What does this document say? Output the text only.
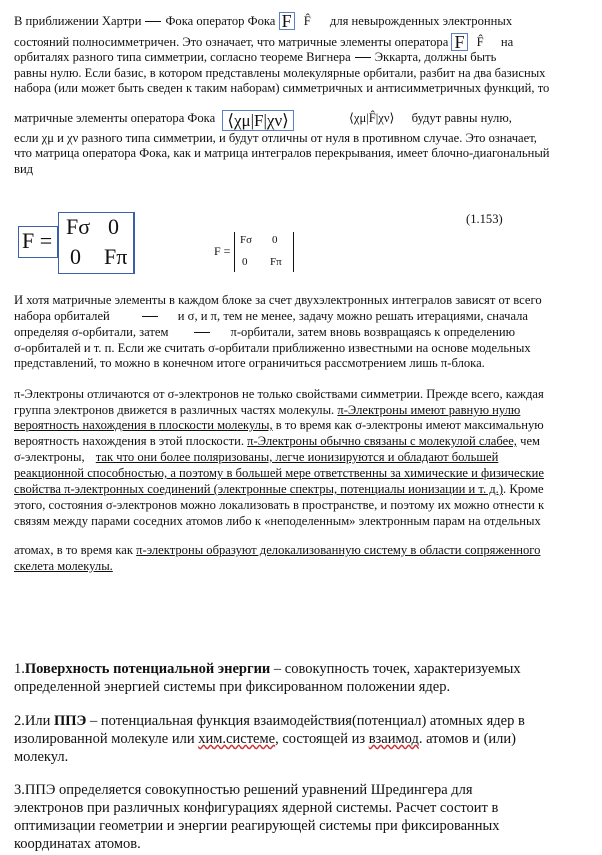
В приближении Хартри Фока оператор Фока F F̂ для невырожденных электронных
состояний полносимметричен. Это означает, что матричные элементы оператора F F̂ на
орбиталях разного типа симметрии, согласно теореме Вигнера Эккарта, должны быть
равны нулю. Если базис, в котором представлены молекулярные орбитали, разбит на два базисных
набора (или может быть сведен к таким наборам) симметричных и антисимметричных функций, то
матричные элементы оператора Фока ⟨χμ|F|χν⟩	⟨χμ|F̂|χν⟩ будут равны нулю,
если χμ и χν разного типа симметрии, и будут отличны от нуля в противном случае. Это означает,
что матрица оператора Фока, как и матрица интегралов перекрывания, имеет блочно-диагональный
вид
F =
Fσ 0
0 Fπ	F =
Fσ 0
0 Fπ
(1.153)
И хотя матричные элементы в каждом блоке за счет двухэлектронных интегралов зависят от всего
набора орбиталей	и σ, и π, тем не менее, задачу можно решать итерациями, сначала
определяя σ-орбитали, затем	π-орбитали, затем вновь возвращаясь к определению
σ-орбиталей и т. п. Если же считать σ-орбитали приближенно известными на основе модельных
представлений, то можно в конечном итоге ограничиться рассмотрением лишь π-блока.
π-Электроны отличаются от σ-электронов не только свойствами симметрии. Прежде всего, каждая
группа электронов движется в различных частях молекулы. π-Электроны имеют равную нулю
вероятность нахождения в плоскости молекулы, в то время как σ-электроны имеют максимальную
вероятность нахождения в этой плоскости. π-Электроны обычно связаны с молекулой слабее, чем
σ-электроны, так что они более поляризованы, легче ионизируются и обладают большей
реакционной способностью, а поэтому в большей мере ответственны за химические и физические
свойства π-электронных соединений (электронные спектры, потенциалы ионизации и т. д.). Кроме
этого, состояния σ-электронов можно локализовать в пространстве, и поэтому их можно отнести к
связям между парами соседних атомов либо к «неподеленным» электронным парам на отдельных
атомах, в то время как π-электроны образуют делокализованную систему в области сопряженного
скелета молекулы.
1.Поверхность потенциальной энергии – совокупность точек, характеризуемых
определенной энергией системы при фиксированном положении ядер.
2.Или ППЭ – потенциальная функция взаимодействия(потенциал) атомных ядер в
изолированной молекуле или хим.системе, состоящей из взаимод. атомов и (или)
молекул.
3.ППЭ определяется совокупностью решений уравнений Шредингера для
электронов при различных конфигурациях ядерной системы. Расчет состоит в
оптимизации геометрии и энергии реагирующей системы при фиксированных
координатах атомов.
